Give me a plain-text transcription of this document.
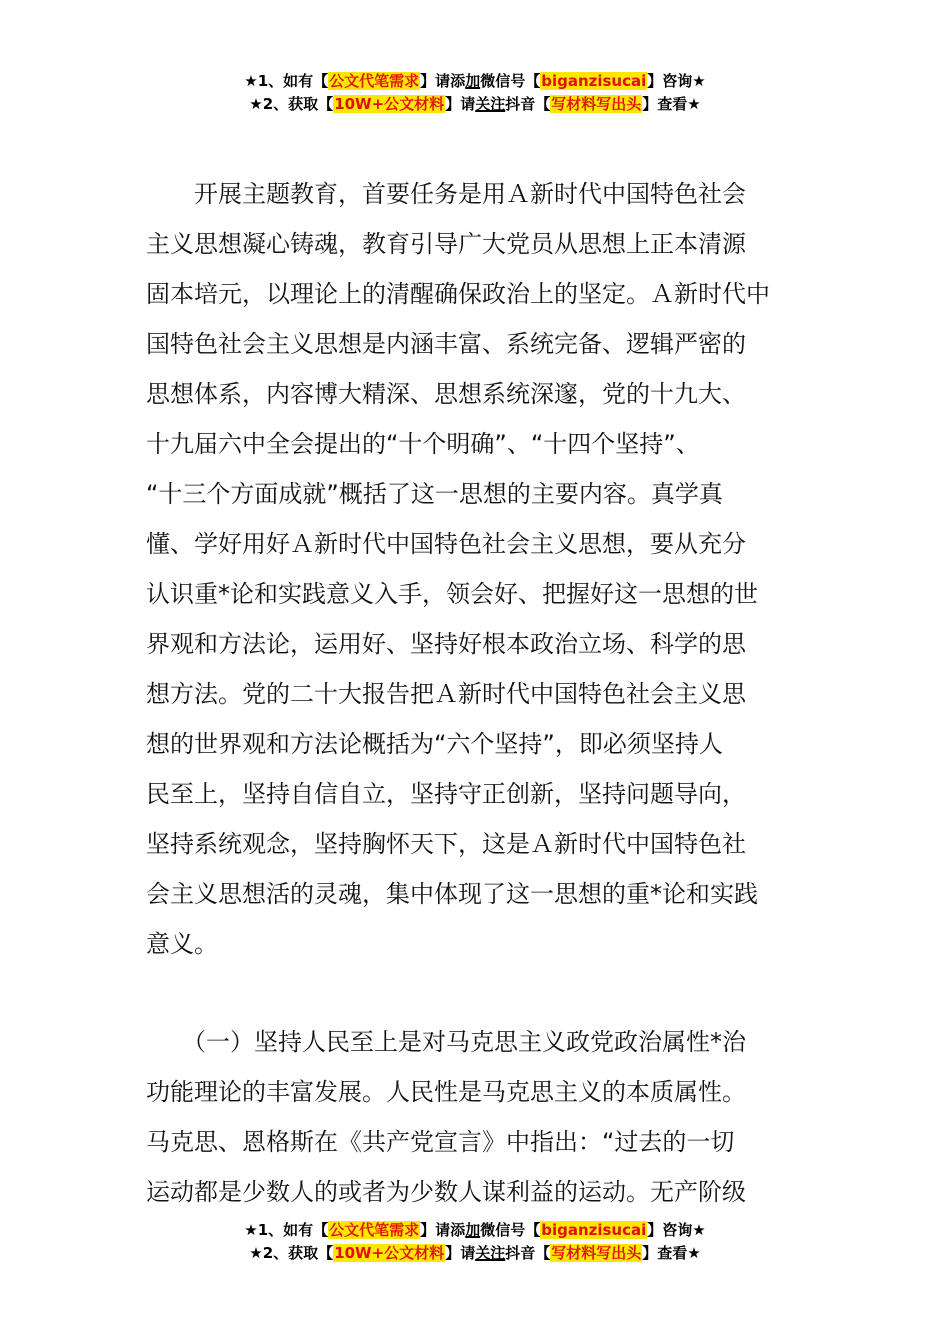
★1、如有【公文代笔需求】请添加微信号【biganzisucai】咨询★
★2、获取【10W+公文材料】请关注抖音【写材料写出头】查看★
　　开展主题教育，首要任务是用Ａ新时代中国特色社会
主义思想凝心铸魂，教育引导广大党员从思想上正本清源
固本培元，以理论上的清醒确保政治上的坚定。Ａ新时代中
国特色社会主义思想是内涵丰富、系统完备、逻辑严密的
思想体系，内容博大精深、思想系统深邃，党的十九大、
十九届六中全会提出的“十个明确”、“十四个坚持”、
“十三个方面成就”概括了这一思想的主要内容。真学真
懂、学好用好Ａ新时代中国特色社会主义思想，要从充分
认识重*论和实践意义入手，领会好、把握好这一思想的世
界观和方法论，运用好、坚持好根本政治立场、科学的思
想方法。党的二十大报告把Ａ新时代中国特色社会主义思
想的世界观和方法论概括为“六个坚持”，即必须坚持人
民至上，坚持自信自立，坚持守正创新，坚持问题导向，
坚持系统观念，坚持胸怀天下，这是Ａ新时代中国特色社
会主义思想活的灵魂，集中体现了这一思想的重*论和实践
意义。
　　（一）坚持人民至上是对马克思主义政党政治属性*治
功能理论的丰富发展。人民性是马克思主义的本质属性。
马克思、恩格斯在《共产党宣言》中指出：“过去的一切
运动都是少数人的或者为少数人谋利益的运动。无产阶级
★1、如有【公文代笔需求】请添加微信号【biganzisucai】咨询★
★2、获取【10W+公文材料】请关注抖音【写材料写出头】查看★
